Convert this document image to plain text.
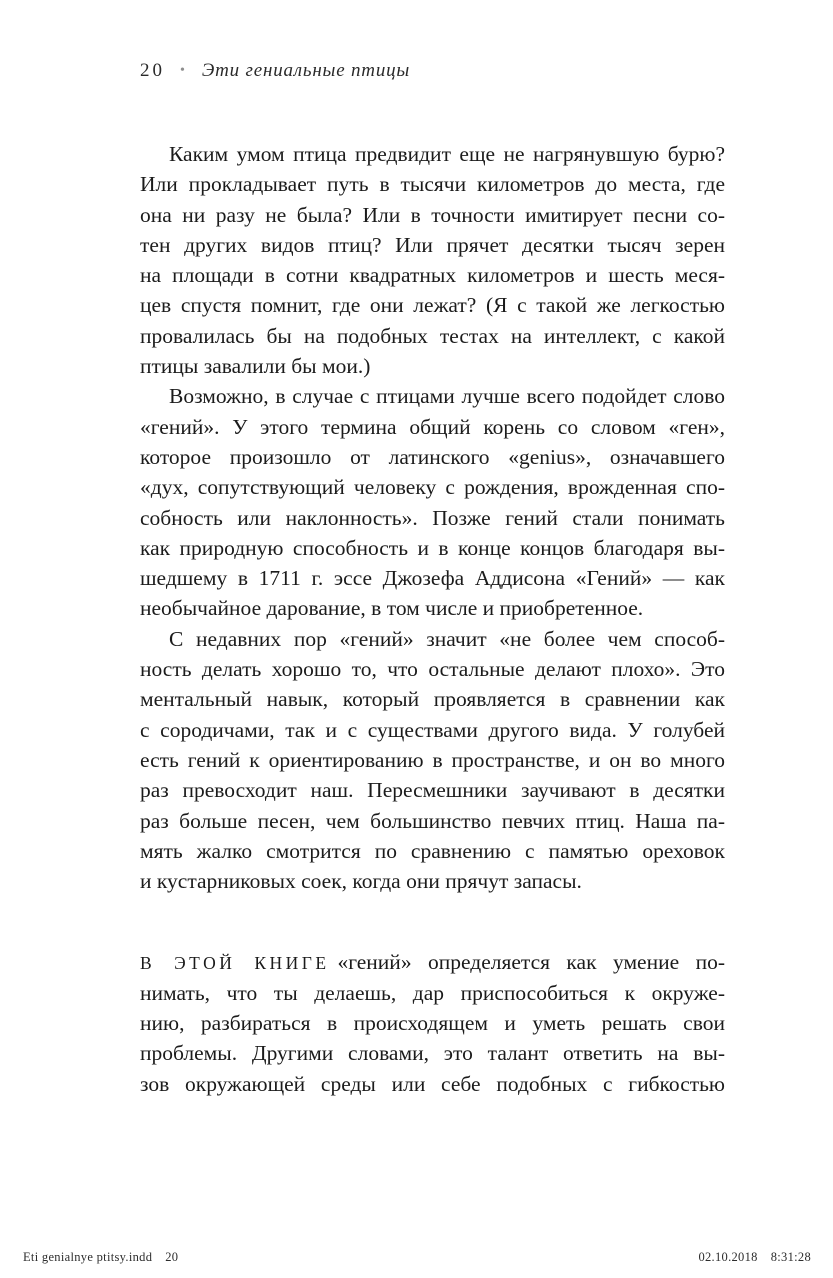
20 • Эти гениальные птицы
Каким умом птица предвидит еще не нагрянувшую бурю?
Или прокладывает путь в тысячи километров до места, где
она ни разу не была? Или в точности имитирует песни со-
тен других видов птиц? Или прячет десятки тысяч зерен
на площади в сотни квадратных километров и шесть меся-
цев спустя помнит, где они лежат? (Я с такой же легкостью
провалилась бы на подобных тестах на интеллект, с какой
птицы завалили бы мои.)
Возможно, в случае с птицами лучше всего подойдет слово
«гений». У этого термина общий корень со словом «ген»,
которое произошло от латинского «genius», означавшего
«дух, сопутствующий человеку с рождения, врожденная спо-
собность или наклонность». Позже гений стали понимать
как природную способность и в конце концов благодаря вы-
шедшему в 1711 г. эссе Джозефа Аддисона «Гений» — как
необычайное дарование, в том числе и приобретенное.
С недавних пор «гений» значит «не более чем способ-
ность делать хорошо то, что остальные делают плохо». Это
ментальный навык, который проявляется в сравнении как
с сородичами, так и с существами другого вида. У голубей
есть гений к ориентированию в пространстве, и он во много
раз превосходит наш. Пересмешники заучивают в десятки
раз больше песен, чем большинство певчих птиц. Наша па-
мять жалко смотрится по сравнению с памятью ореховок
и кустарниковых соек, когда они прячут запасы.
В ЭТОЙ КНИГЕ «гений» определяется как умение по-
нимать, что ты делаешь, дар приспособиться к окруже-
нию, разбираться в происходящем и уметь решать свои
проблемы. Другими словами, это талант ответить на вы-
зов окружающей среды или себе подобных с гибкостью
Eti genialnye ptitsy.indd 20	02.10.2018 8:31:28
